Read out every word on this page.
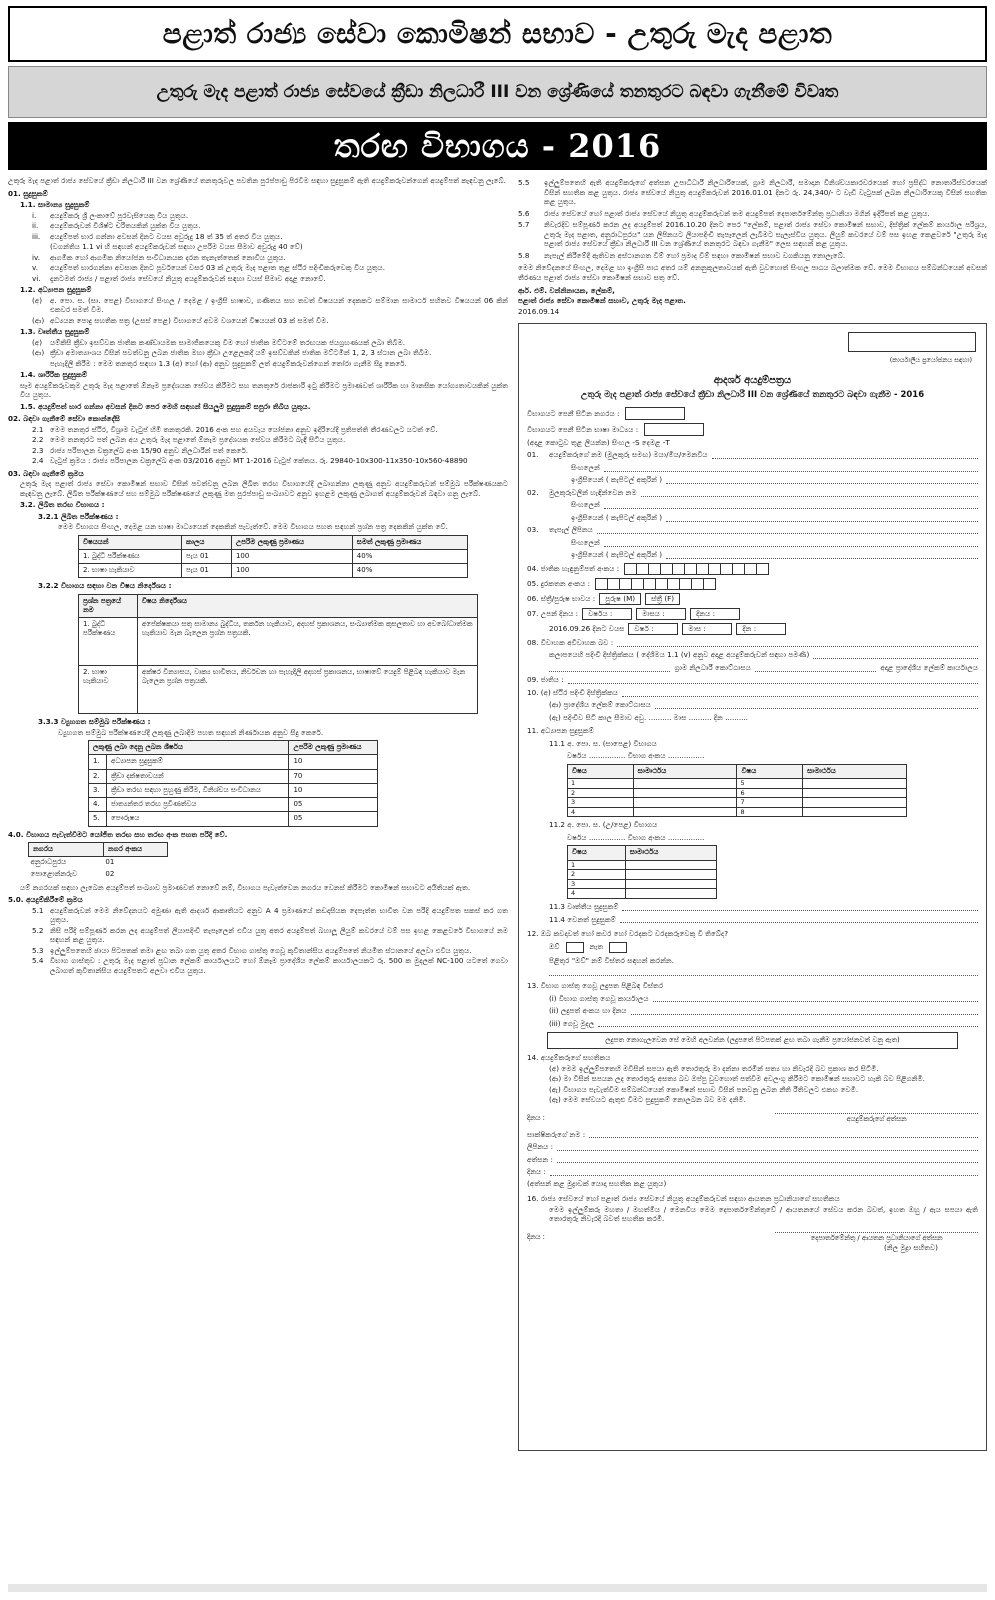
පළාත් රාජ්‍ය සේවා කොමිෂන් සභාව - උතුරු මැද පළාත
උතුරු මැද පළාත් රාජ්‍ය සේවයේ ක්‍රීඩා නිලධාරී III වන ශ්‍රේණියේ තනතුරට බඳවා ගැනීමේ විවෘත
තරඟ විභාගය - 2016
උතුරු මැද පළාත් රාජ්‍ය සේවයේ ක්‍රීඩා නිලධාරී III වන ශ්‍රේණියේ තනතුරුවල පවතින පුරප්පාඩු පිරවීම සඳහා සුදුසුකම් ඇති අයදුම්කරුවන්ගෙන් අයදුම්පත් කැඳවනු ලැබේ.
01. සුදුසුකම්
1.1. සාමාන්‍ය සුදුසුකම්
i.	අයදුම්කරු ශ්‍රී ලංකාවේ පුරවැසියෙකු විය යුතුය.
ii.	අයදුම්කරුවන් විශිෂ්ට චරිතයකින් යුක්ත විය යුතුය.
iii.	අයදුම්පත් භාර ගන්නා අවසන් දිනට වයස අවුරුදු 18 ත් 35 ත් අතර විය යුතුය.
(වගන්තිය 1.1 vi හි සඳහන් අයදුම්කරුවන් සඳහා උපරිම වයස සීමාව අවුරුදු 40 වේ)
iv.	ආගමික හෝ ආගමික නියෝජන සංවිධානයක දරන තැනැත්තෙක් නොවිය යුතුය.
v.	අයදුම්පත් භාරගන්නා අවසාන දිනට පූර්වයෙන් වසර 03 ක් උතුරු මැද පළාත තුළ ස්ථිර පදිංචිකරුවෙකු විය යුතුය.
vi.	දැනටමත් රාජ්‍ය / පළාත් රාජ්‍ය සේවයේ නියුතු අයදුම්කරුවන් සඳහා වයස් සීමාව අදාළ නොවේ.
1.2. අධ්‍යාපන සුදුසුකම්
(අ)	අ. පො. ස. (සා. පෙළ) විභාගයේ සිංහල / දෙමළ / ඉංග්‍රීසි භාෂාව, ගණිතය සහ තවත් විෂයයන් දෙකකට සම්මාන සාමාර්ථ සහිතව විෂයයන් 06 කින් එකවර සමත් වීම.
(ආ) අධ්‍යයන පොදු සහතික පත්‍ර (උසස් පෙළ) විභාගයේ අවම වශයෙන් විෂයයන් 03 ක් සමත් වීම.
1.3. වෘත්තීය සුදුසුකම්
(අ)	යම්කිසි ක්‍රීඩා ඉසව්වක ජාතික කණ්ඩායමක සාමාජිකයෙකු වීම හෝ ජාතික මට්ටමේ තරඟයක ජයග්‍රහණයක් ලබා තිබීම.
(ආ) ක්‍රීඩා අමාත්‍යාංශය විසින් පවත්වනු ලබන ජාතික මහා ක්‍රීඩා උළෙලකදී යම් ඉසව්වකින් ජාතික මට්ටමින් 1, 2, 3 ස්ථාන ලබා තිබීම.
පැහැදිලි කිරීම : මෙම තනතුර සඳහා 1.3 (අ) හෝ (ආ) අනුව සුදුසුකම් ලත් අයදුම්කරුවන්ගෙන් තෝරා ගැනීම සිදු කෙරේ.
1.4. ශාරීරික සුදුසුකම්
සෑම අයදුම්කරුවකුම උතුරු මැද පළාතේ ඕනෑම ප්‍රදේශයක සේවය කිරීමට සහ තනතුරේ රාජකාරි ඉටු කිරීමට ප්‍රමාණවත් ශාරීරික හා මානසික යෝග්‍යතාවයකින් යුක්ත විය යුතුය.
1.5. අයදුම්පත් භාර ගන්නා අවසන් දිනට පෙර මෙහි සඳහන් සියලුම සුදුසුකම් සපුරා තිබිය යුතුය.
02. බඳවා ගැනීමේ සේවා කොන්දේසි
2.1 මෙම තනතුර ස්ථිර, විශ්‍රාම වැටුප් හිමි තනතුරකි. 2016 අංක සහ අයවැය යෝජනා අනුව ඉදිරියේදී ප්‍රතිපත්ති තීරණවලට යටත් වේ.
2.2 මෙම තනතුරට පත් ලබන අය උතුරු මැද පළාතේ ඕනෑම ප්‍රදේශයක සේවය කිරීමට බැඳී සිටිය යුතුය.
2.3 රාජ්‍ය පරිපාලන චක්‍රලේඛ අංක 15/90 අනුව නිලධාරීන් පත් කෙරේ.
2.4 වැටුප් ක්‍රමය : රාජ්‍ය පරිපාලන චක්‍රලේඛ අංක 03/2016 අනුව MT 1-2016 වැටුප් කේතය. රු. 29840-10x300-11x350-10x560-48890
03. බඳවා ගැනීමේ ක්‍රමය
උතුරු මැද පළාත් රාජ්‍ය සේවා කොමිෂන් සභාව විසින් පවත්වනු ලබන ලිඛිත තරඟ විභාගයේදී ලබාගන්නා ලකුණු අනුව අයදුම්කරුවන් සම්මුඛ පරීක්ෂණයකට කැඳවනු ලැබේ. ලිඛිත පරීක්ෂණයේ සහ සම්මුඛ පරීක්ෂණයේ ලකුණු මත පුරප්පාඩු සංඛ්‍යාවට අනුව ඉහළම ලකුණු ලබාගත් අයදුම්කරුවන් බඳවා ගනු ලැබේ.
3.2. ලිඛිත තරඟ විභාගය :
3.2.1 ලිඛිත පරීක්ෂණය :
මෙම විභාගය සිංහල, දෙමළ යන භාෂා මාධ්‍යයෙන් දෙකකින් පැවැත්වේ. මෙම විභාගය පහත සඳහන් ප්‍රශ්න පත්‍ර දෙකකින් යුක්ත වේ.
විෂයයන්	කාලය	උපරිම ලකුණු ප්‍රමාණය	සමත් ලකුණු ප්‍රමාණය
1. බුද්ධි පරීක්ෂණය	පැය 01	100	40%
2. භාෂා හැකියාව	පැය 01	100	40%
3.2.2 විභාගය සඳහා වන විෂය නිර්දේශය :
ප්‍රශ්න පත්‍රයේ නම	විෂය නිර්දේශය
1. බුද්ධි පරීක්ෂණය	අපේක්ෂකයා සතු සාමාන්‍ය බුද්ධිය, තර්කන හැකියාව, අදහස් ප්‍රකාශනය, සංඛ්‍යාත්මක කුසලතාව හා අවබෝධාත්මක හැකියාව මැන බැලෙන ප්‍රශ්න පත්‍රයකි.
2. භාෂා හැකියාව	අක්ෂර වින්‍යාසය, වාක්‍ය භාවිතය, නිර්වචන හා පැහැදිලි අදහස් ප්‍රකාශනය, භාෂාවේ යෙදුම් පිළිබඳ හැකියාව මැන බැලෙන ප්‍රශ්න පත්‍රයකි.
3.3.3 ව්‍යුහගත සම්මුඛ පරීක්ෂණය :
ව්‍යුහගත සම්මුඛ පරීක්ෂණයේදී ලකුණු ලබාදීම පහත සඳහන් නිර්ණායක අනුව සිදු කෙරේ.
ලකුණු ලබා දෙනු ලබන ශීර්ෂය		උපරිම ලකුණු ප්‍රමාණය
1.	අධ්‍යාපන සුදුසුකම්	10
2.	ක්‍රීඩා දක්ෂතාවයන්	70
3.	ක්‍රීඩා තරඟ සඳහා පුහුණු කිරීම, විනිශ්චය සංවිධානය	10
4.	ජාත්‍යන්තර තරඟ ප්‍රවීණත්වය	05
5.	පෞරුෂය	05
4.0. විභාගය පැවැත්වීමට යෝජිත තරඟ සහ තරඟ අංක පහත පරිදි වේ.
නගරය	නගර අංකය
අනුරාධපුරය	01
පොළොන්නරුව	02
යම් නගරයක් සඳහා ලැබෙන අයදුම්පත් සංඛ්‍යාව ප්‍රමාණවත් නොවේ නම්, විභාගය පැවැත්වෙන නගරය වෙනස් කිරීමට කොමිෂන් සභාවට අයිතියක් ඇත.
5.0. අයදුම්කිරීමේ ක්‍රමය
5.1 අයදුම්කරුවන් මෙම නිවේදනයට අමුණා ඇති ආදර්ශ ආකෘතියට අනුව A 4 ප්‍රමාණයේ කඩදාසියක දෙපැත්ත භාවිත වන පරිදි අයදුම්පත සකස් කර ගත යුතුය.
5.2 නිසි පරිදි සම්පූර්ණ කරන ලද අයදුම්පත් ලියාපදිංචි තැපෑලෙන් එවිය යුතු අතර අයදුම්පත් බහාලූ ලියුම් කවරයේ වම් පස ඉහළ කෙළවරේ විභාගයේ නම සඳහන් කළ යුතුය.
5.3 ඉල්ලුම්පතෙහි ඡායා පිටපතක් තමා ළඟ තබා ගත යුතු අතර විභාග ගාස්තු ගෙවූ කුවිතාන්සිය අයදුම්පතේ නියමිත ස්ථානයේ අලවා එවිය යුතුය.
5.4 විභාග ගාස්තුව : උතුරු මැද පළාත් ප්‍රධාන ලේකම් කාර්යාලයට හෝ ඕනෑම ප්‍රාදේශීය ලේකම් කාර්යාලයකට රු. 500 ක මුදලක් NC-100 යටතේ ගෙවා ලබාගත් කුවිතාන්සිය අයදුම්පතට අලවා එවිය යුතුය.
5.5	ඉල්ලුම්පතෙහි ඇති අයදුම්කරුගේ අත්සන උපාධිධාරී නිලධාරියෙක්, ග්‍රාම නිලධාරී, සමාදාන විනිශ්චයකාරවරයෙක් හෝ ප්‍රසිද්ධ නොතාරිස්වරයෙක් විසින් සහතික කළ යුතුය. රාජ්‍ය සේවයේ නියුතු අයදුම්කරුවන් 2016.01.01 දිනට රු. 24,340/- ට වැඩි වැටුපක් ලබන නිලධාරියෙකු විසින් සහතික කළ යුතුය.
5.6	රාජ්‍ය සේවයේ හෝ පළාත් රාජ්‍ය සේවයේ නියුතු අයදුම්කරුවන් තම අයදුම්පත් දෙපාර්තමේන්තු ප්‍රධානියා මගින් ඉදිරිපත් කළ යුතුය.
5.7	නිවැරදිව සම්පූර්ණ කරන ලද අයදුම්පත් 2016.10.20 දිනට පෙර "ලේකම්, පළාත් රාජ්‍ය සේවා කොමිෂන් සභාව, දිස්ත්‍රික් ලේකම් කාර්යාල පරිශ්‍රය, උතුරු මැද පළාත, අනුරාධපුරය" යන ලිපිනයට ලියාපදිංචි තැපෑලෙන් ලැබීමට සැලැස්විය යුතුය. ලියුම් කවරයේ වම් පස ඉහළ කෙළවරේ "උතුරු මැද පළාත් රාජ්‍ය සේවයේ ක්‍රීඩා නිලධාරී III වන ශ්‍රේණියේ තනතුරට බඳවා ගැනීම" ලෙස සඳහන් කළ යුතුය.
5.8	නැපැල් කිරීමේදී ඇතිවන අස්ථානගත වීම් හෝ ප්‍රමාද වීම් සඳහා කොමිෂන් සභාව වගකියනු නොලැබේ.
මෙම නිවේදනයේ සිංහල, දෙමළ හා ඉංග්‍රීසි පාඨ අතර යම් අනනුකූලතාවයක් ඇති වුවහොත් සිංහල පාඨය බලාත්මක වේ. මෙම විභාගය සම්බන්ධයෙන් අවසන් තීරණය පළාත් රාජ්‍ය සේවා කොමිෂන් සභාව සතු වේ.
ආර්. එම්. වන්නිනායක, ලේකම්,
පළාත් රාජ්‍ය සේවා කොමිෂන් සභාව, උතුරු මැද පළාත.
2016.09.14
(කාර්යාලීය ප්‍රයෝජනය සඳහා)
ආදර්ශ අයදුම්පත්‍රය
උතුරු මැද පළාත් රාජ්‍ය සේවයේ ක්‍රීඩා නිලධාරී III වන ශ්‍රේණියේ තනතුරට බඳවා ගැනීම - 2016
විභාගයට පෙනී සිටින නගරය :
විභාගයට පෙනී සිටින භාෂා මාධ්‍යය :
(අදාළ කොටුව තුළ ලියන්න) සිංහල -S දෙමළ -T
01.	අයදුම්කරුගේ නම (මුලකුරු සමඟ) මයා/මිය/මෙනවිය
සිංහලෙන්
ඉංග්‍රීසියෙන් ( කැපිටල් අකුරින් )
02.	මුලකුරුවලින් හැඳින්වෙන නම
සිංහලෙන්
ඉංග්‍රීසියෙන් ( කැපිටල් අකුරින් )
03.	තැපැල් ලිපිනය
සිංහලෙන්
ඉංග්‍රීසියෙන් ( කැපිටල් අකුරින් )
04. ජාතික හැඳුනුම්පත් අංකය :
05. දුරකතන අංකය :
06. ස්ත්‍රී/පුරුෂ භාවය :	පුරුෂ (M)	ස්ත්‍රී (F)
07. උපන් දිනය :	වර්ෂය :	මාසය :	දිනය :
2016.09.26 දිනට වයස	වර්ෂ :	මාස :	දින :
08. විවාහක අවිවාහක බව :
කලාපයෙහි පදිංචි දිස්ත්‍රික්කය ( දේශීමය 1.1 (v) අනුව අදාළ අයදුම්කරුවන් සඳහා පමණි)
ග්‍රාම නිලධාරී කොට්ඨාසය	අදාළ ප්‍රාදේශීය ලේකම් කාර්යාලය
09. ජාතිය :
10. (අ) ස්ථිර පදිංචි දිස්ත්‍රික්කය
(ආ) ප්‍රාදේශීය ලේකම් කොට්ඨාසය
(ඇ) පදිංචිව සිටි කාල සීමාව අවු. .......... මාස .......... දින ..........
11. අධ්‍යාපන සුදුසුකම්
11.1 අ. පො. ස. (සාපෙළ) විභාගය
වර්ෂය ................ විභාග අංකය ................
විෂය	සාමාර්ථය	විෂය	සාමාර්ථය
1		5	
2		6	
3		7	
4		8	
11.2 අ. පො. ස. (උ/පෙළ) විභාගය
වර්ෂය ................ විභාග අංකය ................
විෂය	සාමාර්ථය
1	
2	
3	
4	
11.3 වෘත්තීය සුදුසුකම්
11.4 වෙනත් සුදුසුකම්
12. ඔබ කවදාවත් හෝ කවර හෝ වරදකට වරදකරුවෙකු වී තිබේද?
ඔව්	නැත
පිළිතුර "ඔව්" නම් විස්තර සඳහන් කරන්න.
13. විභාග ගාස්තු ගෙවූ ලදුපත පිළිබඳ විස්තර
(i) විභාග ගාස්තු ගෙවූ කාර්යාලය
(ii) ලදුපත් අංකය හා දිනය
(iii) ගෙවූ මුදල
ලදුපත නොගැලවෙන සේ මෙහි අලවන්න (ලදුපතේ පිටපතක් ළඟ තබා ගැනීම ප්‍රයෝජනවත් වනු ඇත)
14. අයදුම්කරුගේ සහතිකය
(අ) මෙම ඉල්ලුම්පතෙහි මවිසින් සපයා ඇති තොරතුරු මා දන්නා තරමින් සත්‍ය හා නිවැරදි බව ප්‍රකාශ කර සිටිමි.
(ආ) මා විසින් සපයන ලද තොරතුරු අසත්‍ය බව ඔප්පු වුවහොත් පත්වීම අවලංගු කිරීමට කොමිෂන් සභාවට හැකි බව පිළිගනිමි.
(ඇ) විභාගය පැවැත්වීම සම්බන්ධයෙන් කොමිෂන් සභාව විසින් පනවනු ලබන නීති රීතිවලට එකඟ වෙමි.
(ඈ) මෙම සේවයට ඇතුළු වීමට සුදුසුකම් නොලබන බව මම දනිමි.
දිනය :	අයදුම්කරුගේ අත්සන
සාක්ෂිකරුගේ නම :
ලිපිනය :
අත්සන :
දිනය :
(අත්සන් කළ මුද්‍රාවක් යොදා සහතික කළ යුතුය)
16. රාජ්‍ය සේවයේ හෝ පළාත් රාජ්‍ය සේවයේ නියුතු අයදුම්කරුවන් සඳහා ආයතන ප්‍රධානියාගේ සහතිකය
මෙම ඉල්ලුම්කරු මහතා / මහත්මිය / මෙනවිය මෙම දෙපාර්තමේන්තුවේ / ආයතනයේ සේවය කරන බවත්, ඉහත ඔහු / ඇය සපයා ඇති තොරතුරු නිවැරදි බවත් සහතික කරමි.
දිනය :	දෙපාර්තමේන්තු / ආයතන ප්‍රධානියාගේ අත්සන
(නිල මුද්‍රා සහිතව)
